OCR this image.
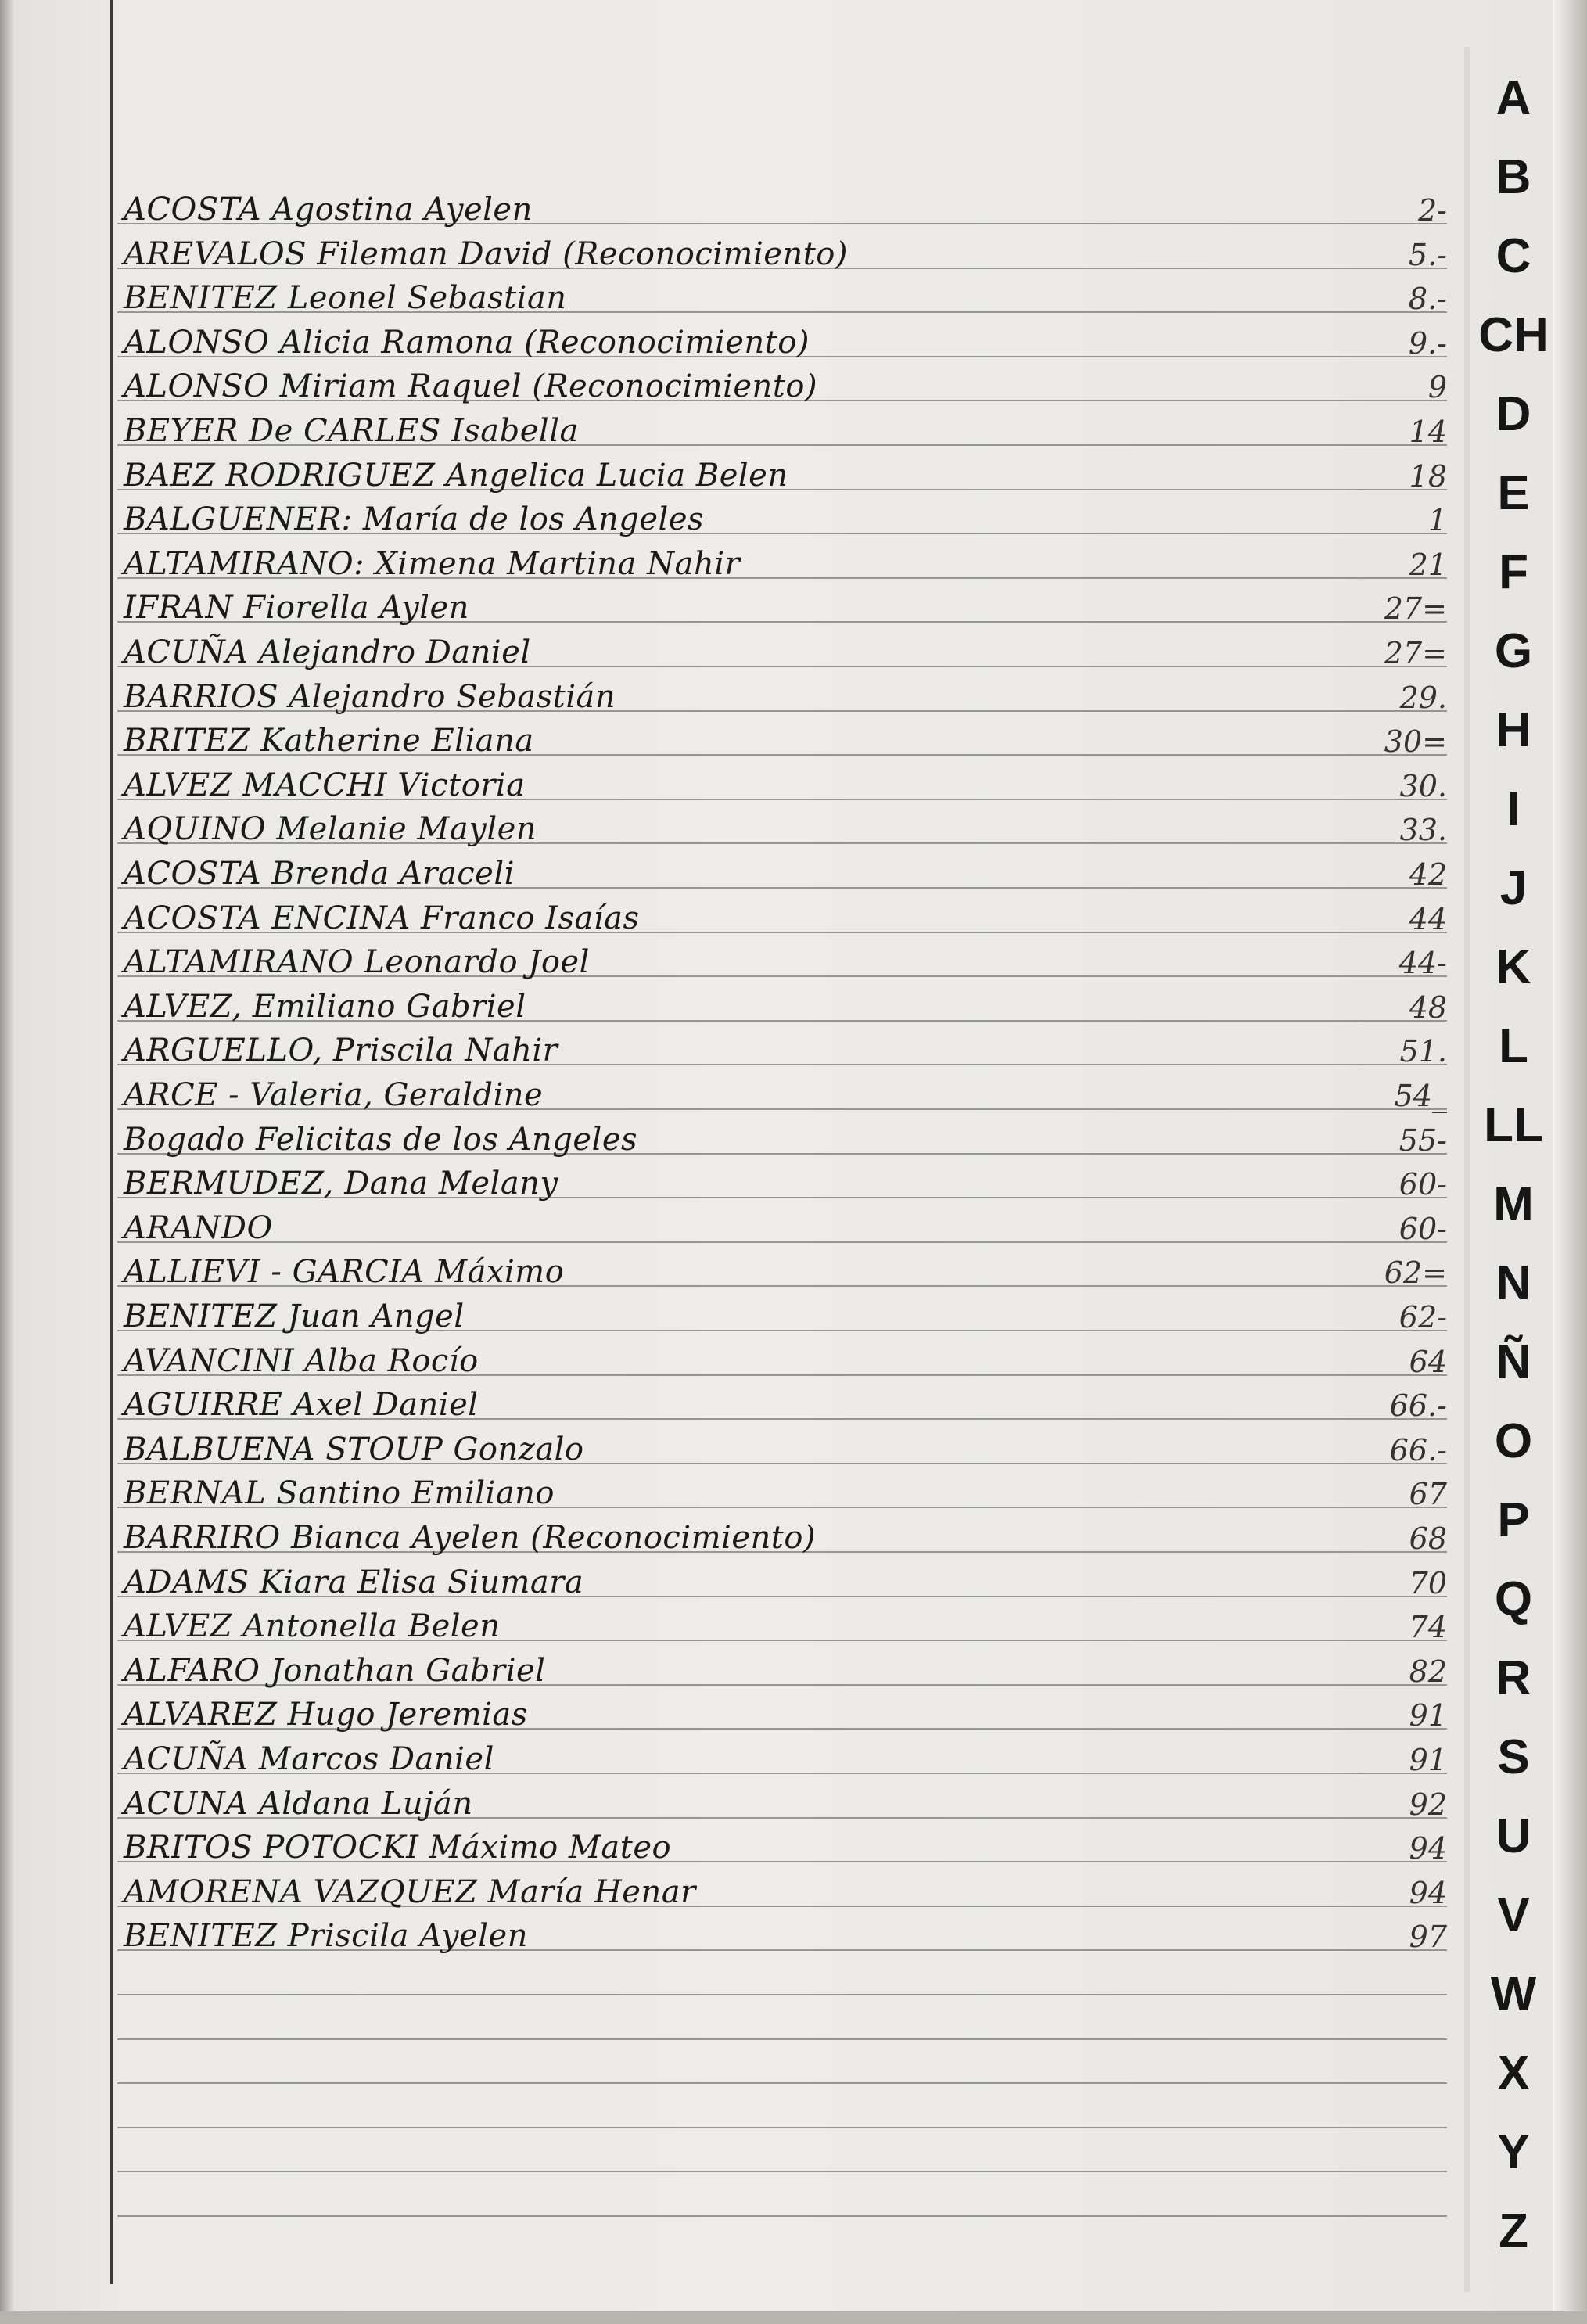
ACOSTA Agostina Ayelen	2-
AREVALOS Fileman David (Reconocimiento)	5.-
BENITEZ Leonel Sebastian	8.-
ALONSO Alicia Ramona (Reconocimiento)	9.-
ALONSO Miriam Raquel (Reconocimiento)	9
BEYER De CARLES Isabella	14
BAEZ RODRIGUEZ Angelica Lucia Belen	18
BALGUENER: María de los Angeles	1
ALTAMIRANO: Ximena Martina Nahir	21
IFRAN Fiorella Aylen	27=
ACUÑA Alejandro Daniel	27=
BARRIOS Alejandro Sebastián	29.
BRITEZ Katherine Eliana	30=
ALVEZ MACCHI Victoria	30.
AQUINO Melanie Maylen	33.
ACOSTA Brenda Araceli	42
ACOSTA ENCINA Franco Isaías	44
ALTAMIRANO Leonardo Joel	44-
ALVEZ, Emiliano Gabriel	48
ARGUELLO, Priscila Nahir	51.
ARCE - Valeria, Geraldine	54_
Bogado Felicitas de los Angeles	55-
BERMUDEZ, Dana Melany	60-
ARANDO	60-
ALLIEVI - GARCIA Máximo	62=
BENITEZ Juan Angel	62-
AVANCINI Alba Rocío	64
AGUIRRE Axel Daniel	66.-
BALBUENA STOUP Gonzalo	66.-
BERNAL Santino Emiliano	67
BARRIRO Bianca Ayelen (Reconocimiento)	68
ADAMS Kiara Elisa Siumara	70
ALVEZ Antonella Belen	74
ALFARO Jonathan Gabriel	82
ALVAREZ Hugo Jeremias	91
ACUÑA Marcos Daniel	91
ACUNA Aldana Luján	92
BRITOS POTOCKI Máximo Mateo	94
AMORENA VAZQUEZ María Henar	94
BENITEZ Priscila Ayelen	97
A
B
C
CH
D
E
F
G
H
I
J
K
L
LL
M
N
Ñ
O
P
Q
R
S
U
V
W
X
Y
Z
